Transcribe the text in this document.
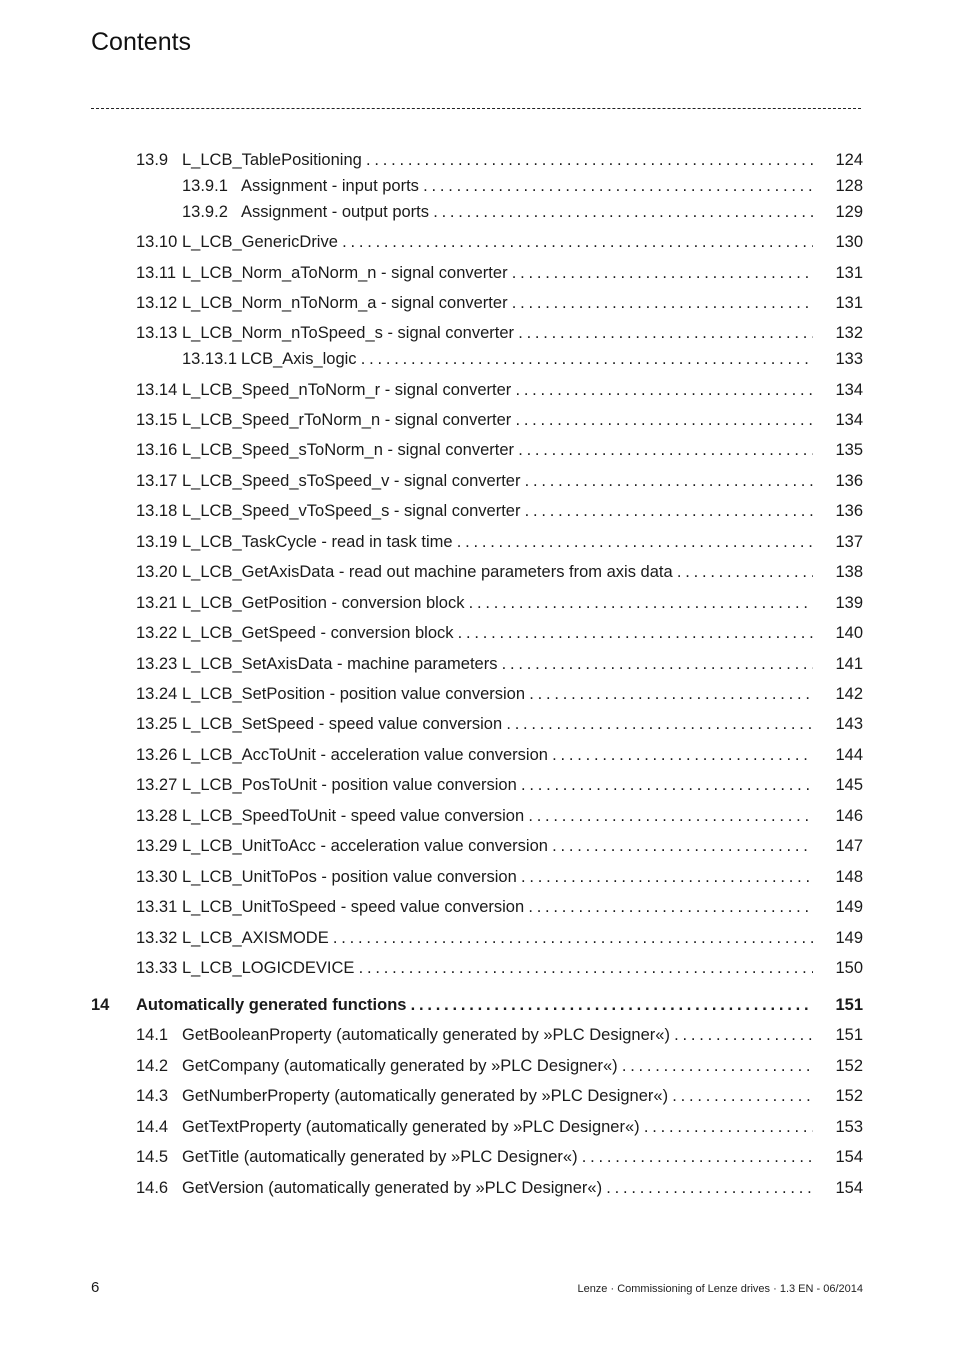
Contents
13.9 L_LCB_TablePositioning . . .	124
13.9.1 Assignment - input ports . . .	128
13.9.2 Assignment - output ports . . .	129
13.10 L_LCB_GenericDrive . . .	130
13.11 L_LCB_Norm_aToNorm_n - signal converter . . .	131
13.12 L_LCB_Norm_nToNorm_a - signal converter . . .	131
13.13 L_LCB_Norm_nToSpeed_s - signal converter . . .	132
13.13.1 LCB_Axis_logic . . .	133
13.14 L_LCB_Speed_nToNorm_r - signal converter . . .	134
13.15 L_LCB_Speed_rToNorm_n - signal converter . . .	134
13.16 L_LCB_Speed_sToNorm_n - signal converter . . .	135
13.17 L_LCB_Speed_sToSpeed_v - signal converter . . .	136
13.18 L_LCB_Speed_vToSpeed_s - signal converter . . .	136
13.19 L_LCB_TaskCycle - read in task time . . .	137
13.20 L_LCB_GetAxisData - read out machine parameters from axis data . . .	138
13.21 L_LCB_GetPosition - conversion block . . .	139
13.22 L_LCB_GetSpeed - conversion block . . .	140
13.23 L_LCB_SetAxisData - machine parameters . . .	141
13.24 L_LCB_SetPosition - position value conversion . . .	142
13.25 L_LCB_SetSpeed - speed value conversion . . .	143
13.26 L_LCB_AccToUnit - acceleration value conversion . . .	144
13.27 L_LCB_PosToUnit - position value conversion . . .	145
13.28 L_LCB_SpeedToUnit - speed value conversion . . .	146
13.29 L_LCB_UnitToAcc - acceleration value conversion . . .	147
13.30 L_LCB_UnitToPos - position value conversion . . .	148
13.31 L_LCB_UnitToSpeed - speed value conversion . . .	149
13.32 L_LCB_AXISMODE . . .	149
13.33 L_LCB_LOGICDEVICE . . .	150
14 Automatically generated functions . . .	151
14.1 GetBooleanProperty (automatically generated by »PLC Designer«) . . .	151
14.2 GetCompany (automatically generated by »PLC Designer«) . . .	152
14.3 GetNumberProperty (automatically generated by »PLC Designer«) . . .	152
14.4 GetTextProperty (automatically generated by »PLC Designer«) . . .	153
14.5 GetTitle (automatically generated by »PLC Designer«) . . .	154
14.6 GetVersion (automatically generated by »PLC Designer«) . . .	154
6	Lenze · Commissioning of Lenze drives · 1.3 EN - 06/2014
